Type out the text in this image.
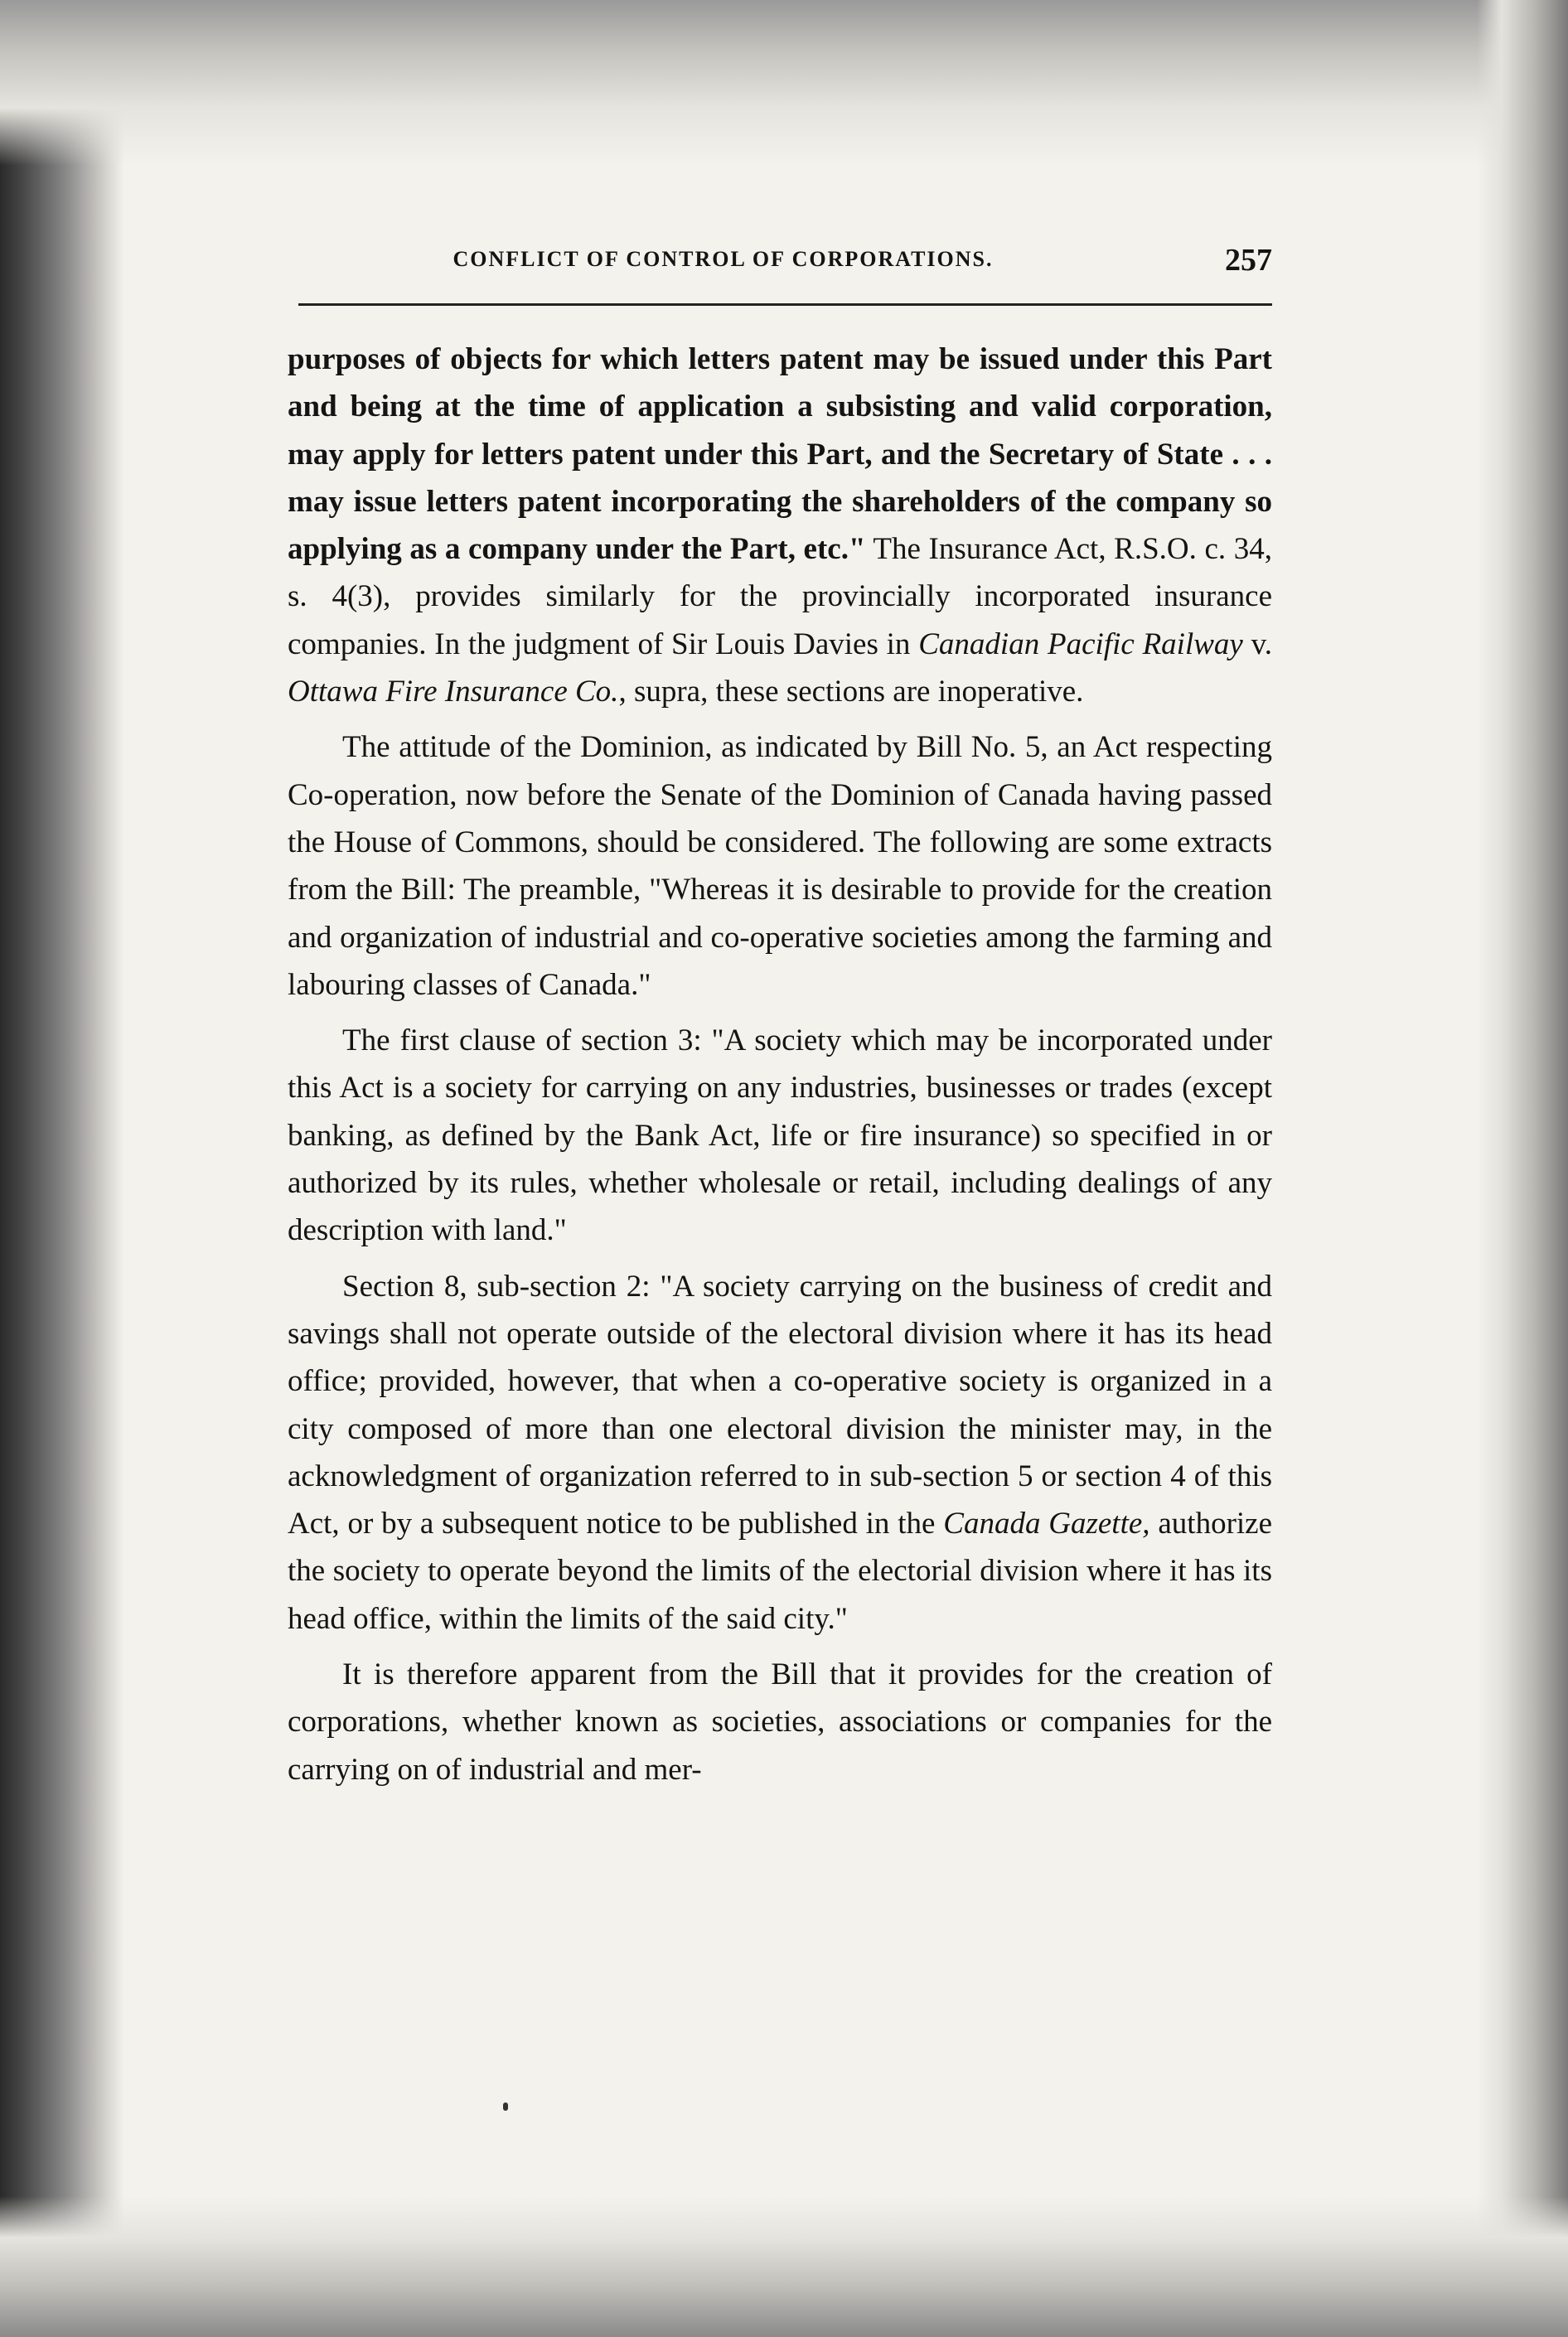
CONFLICT OF CONTROL OF CORPORATIONS.	257

purposes of objects for which letters patent may be issued under this Part and being at the time of application a subsisting and valid corporation, may apply for letters patent under this Part, and the Secretary of State . . . may issue letters patent incorporating the shareholders of the company so applying as a company under the Part, etc." The Insurance Act, R.S.O. c. 34, s. 4(3), provides similarly for the provincially incorporated insurance companies. In the judgment of Sir Louis Davies in Canadian Pacific Railway v. Ottawa Fire Insurance Co., supra, these sections are inoperative.

The attitude of the Dominion, as indicated by Bill No. 5, an Act respecting Co-operation, now before the Senate of the Dominion of Canada having passed the House of Commons, should be considered. The following are some extracts from the Bill: The preamble, "Whereas it is desirable to provide for the creation and organization of industrial and co-operative societies among the farming and labouring classes of Canada."

The first clause of section 3: "A society which may be incorporated under this Act is a society for carrying on any industries, businesses or trades (except banking, as defined by the Bank Act, life or fire insurance) so specified in or authorized by its rules, whether wholesale or retail, including dealings of any description with land."

Section 8, sub-section 2: "A society carrying on the business of credit and savings shall not operate outside of the electoral division where it has its head office; provided, however, that when a co-operative society is organized in a city composed of more than one electoral division the minister may, in the acknowledgment of organization referred to in sub-section 5 or section 4 of this Act, or by a subsequent notice to be published in the Canada Gazette, authorize the society to operate beyond the limits of the electorial division where it has its head office, within the limits of the said city."

It is therefore apparent from the Bill that it provides for the creation of corporations, whether known as societies, associations or companies for the carrying on of industrial and mer-
